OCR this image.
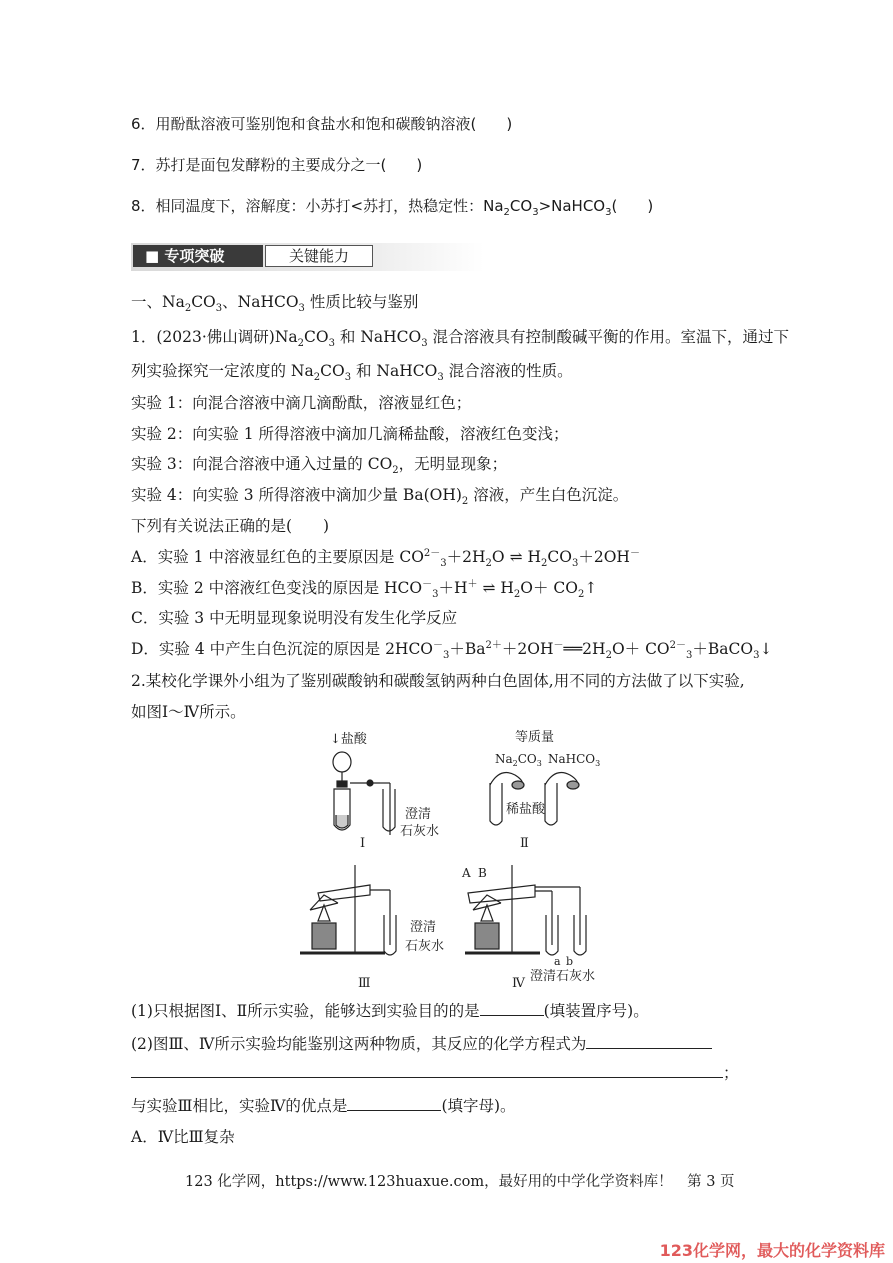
6．用酚酞溶液可鉴别饱和食盐水和饱和碳酸钠溶液(　　)
7．苏打是面包发酵粉的主要成分之一(　　)
8．相同温度下，溶解度：小苏打<苏打，热稳定性：$Na_2CO_3>NaHCO_3$(　　)
■ 专项突破	关键能力
一、$Na_2CO_3$、NaHCO$_3$ 性质比较与鉴别
1．(2023·佛山调研)$Na_2CO_3$ 和 NaHCO$_3$ 混合溶液具有控制酸碱平衡的作用。室温下，通过下
列实验探究一定浓度的 $Na_2CO_3$ 和 NaHCO$_3$ 混合溶液的性质。
实验 1：向混合溶液中滴几滴酚酞，溶液显红色；
实验 2：向实验 1 所得溶液中滴加几滴稀盐酸，溶液红色变浅；
实验 3：向混合溶液中通入过量的 $CO_2$，无明显现象；
实验 4：向实验 3 所得溶液中滴加少量 $Ba(OH)_2$ 溶液，产生白色沉淀。
下列有关说法正确的是(　　)
A．实验 1 中溶液显红色的主要原因是 $CO^{2-}_3+2H_2O$ ⇌ $H_2CO_3+2OH^-$
B．实验 2 中溶液红色变浅的原因是 $HCO^-_3+H^+$ ⇌ $H_2O+$ $CO_2↑$
C．实验 3 中无明显现象说明没有发生化学反应
D．实验 4 中产生白色沉淀的原因是 $2HCO^-_3+Ba^{2+}+2OH^-══2H_2O+$ $CO^{2-}_3+BaCO_3↓$
2.某校化学课外小组为了鉴别碳酸钠和碳酸氢钠两种白色固体,用不同的方法做了以下实验,
如图Ⅰ～Ⅳ所示。
↓盐酸
澄清
石灰水
Ⅰ
等质量
$Na_2CO_3$ NaHCO$_3$
稀盐酸
Ⅱ
澄清
石灰水
Ⅲ
A B
a b
澄清石灰水
Ⅳ
(1)只根据图Ⅰ、Ⅱ所示实验，能够达到实验目的的是	(填装置序号)。
(2)图Ⅲ、Ⅳ所示实验均能鉴别这两种物质，其反应的化学方程式为
；
与实验Ⅲ相比，实验Ⅳ的优点是	(填字母)。
A．Ⅳ比Ⅲ复杂
123 化学网，https://www.123huaxue.com，最好用的中学化学资料库！　第 3 页
123化学网，最大的化学资料库
